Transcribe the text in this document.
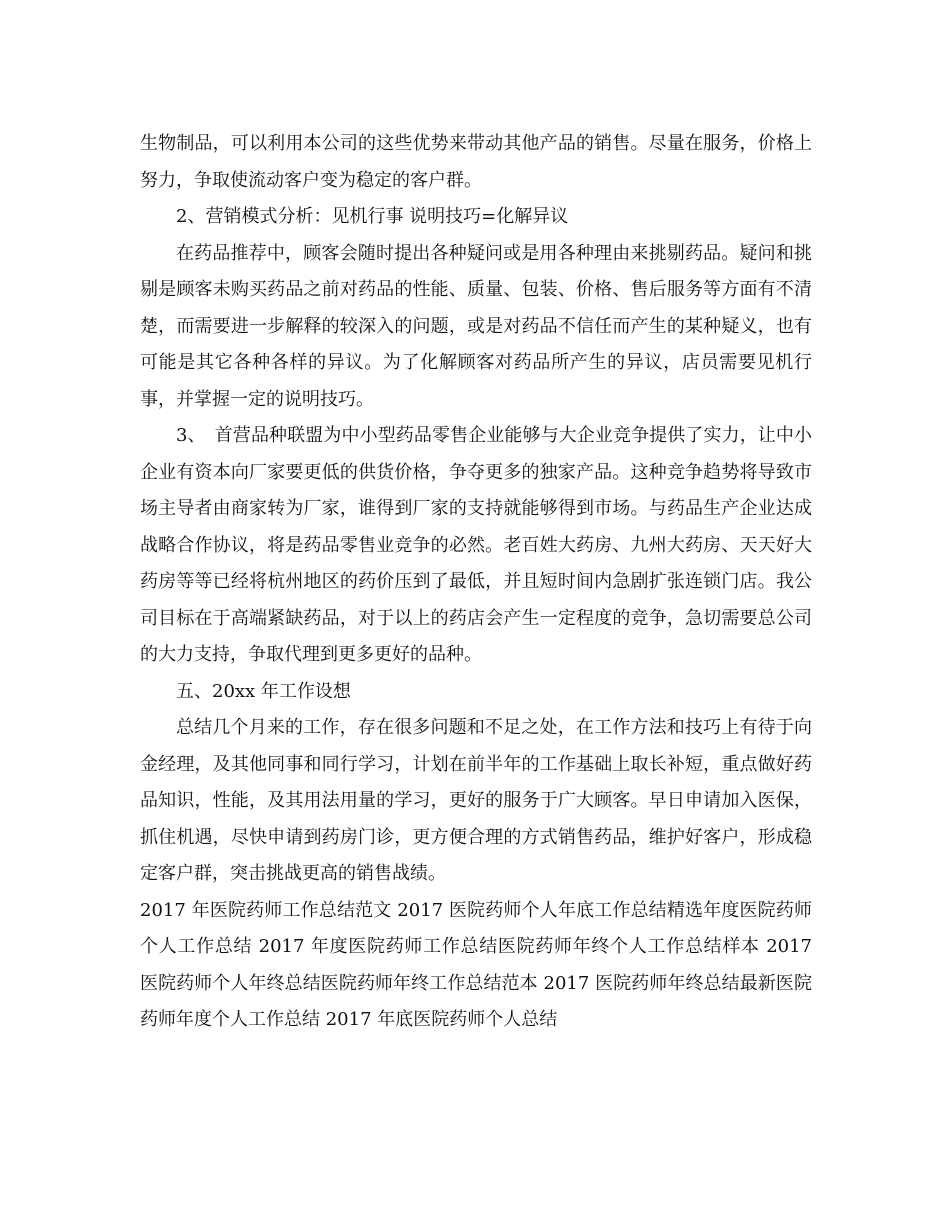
生物制品，可以利用本公司的这些优势来带动其他产品的销售。尽量在服务，价格上努力，争取使流动客户变为稳定的客户群。

2、营销模式分析：见机行事 说明技巧=化解异议

在药品推荐中，顾客会随时提出各种疑问或是用各种理由来挑剔药品。疑问和挑剔是顾客未购买药品之前对药品的性能、质量、包装、价格、售后服务等方面有不清楚，而需要进一步解释的较深入的问题，或是对药品不信任而产生的某种疑义，也有可能是其它各种各样的异议。为了化解顾客对药品所产生的异议，店员需要见机行事，并掌握一定的说明技巧。

3、　首营品种联盟为中小型药品零售企业能够与大企业竞争提供了实力，让中小企业有资本向厂家要更低的供货价格，争夺更多的独家产品。这种竞争趋势将导致市场主导者由商家转为厂家，谁得到厂家的支持就能够得到市场。与药品生产企业达成战略合作协议，将是药品零售业竞争的必然。老百姓大药房、九州大药房、天天好大药房等等已经将杭州地区的药价压到了最低，并且短时间内急剧扩张连锁门店。我公司目标在于高端紧缺药品，对于以上的药店会产生一定程度的竞争，急切需要总公司的大力支持，争取代理到更多更好的品种。

五、20xx 年工作设想

总结几个月来的工作，存在很多问题和不足之处，在工作方法和技巧上有待于向金经理，及其他同事和同行学习，计划在前半年的工作基础上取长补短，重点做好药品知识，性能，及其用法用量的学习，更好的服务于广大顾客。早日申请加入医保，抓住机遇，尽快申请到药房门诊，更方便合理的方式销售药品，维护好客户，形成稳定客户群，突击挑战更高的销售战绩。

2017 年医院药师工作总结范文 2017 医院药师个人年底工作总结精选年度医院药师个人工作总结 2017 年度医院药师工作总结医院药师年终个人工作总结样本 2017 医院药师个人年终总结医院药师年终工作总结范本 2017 医院药师年终总结最新医院药师年度个人工作总结 2017 年底医院药师个人总结
